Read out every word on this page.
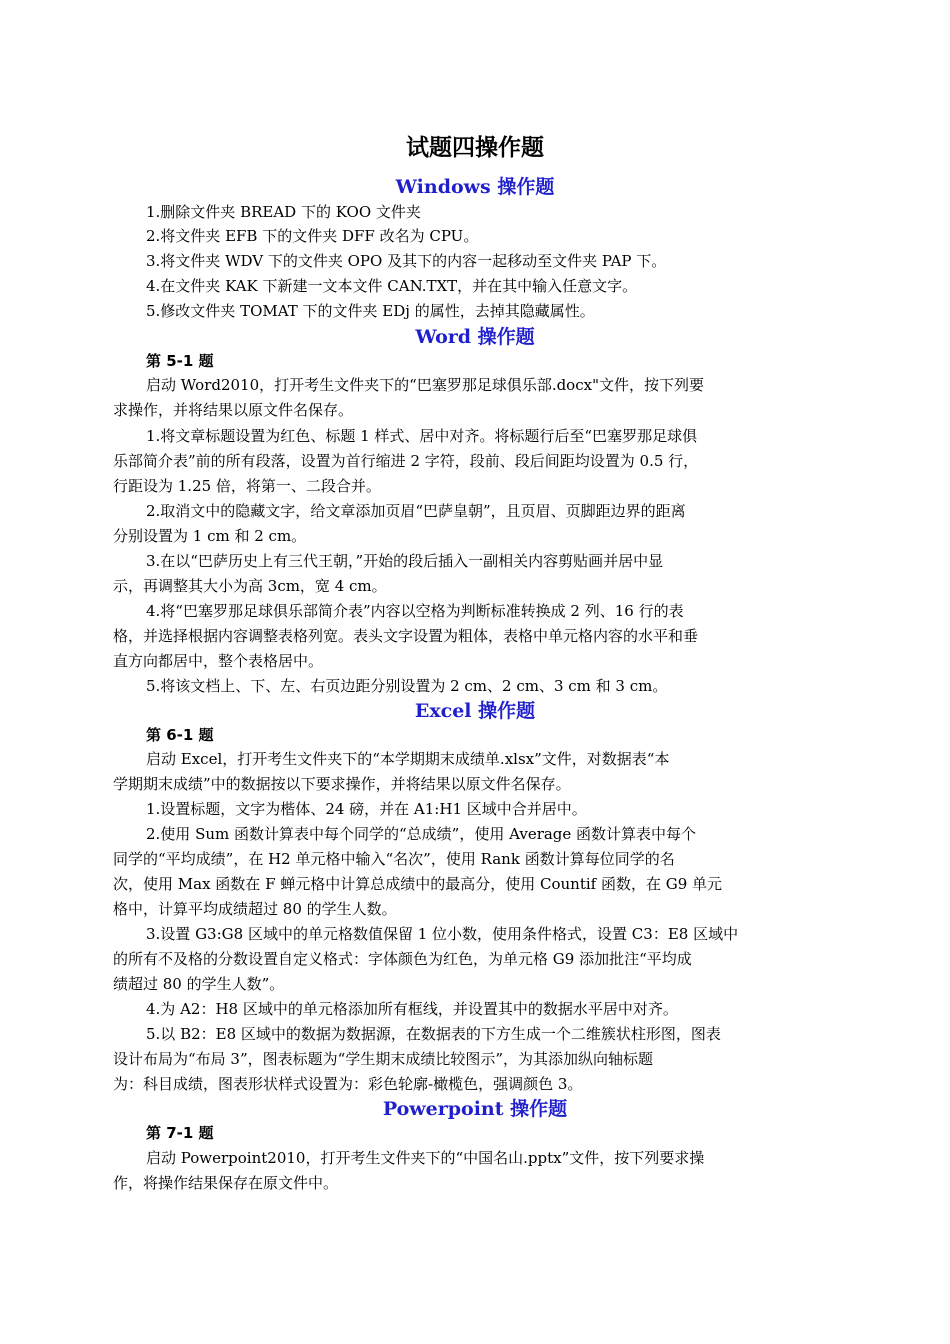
试题四操作题
Windows 操作题
1.删除文件夹 BREAD 下的 KOO 文件夹
2.将文件夹 EFB 下的文件夹 DFF 改名为 CPU。
3.将文件夹 WDV 下的文件夹 OPO 及其下的内容一起移动至文件夹 PAP 下。
4.在文件夹 KAK 下新建一文本文件 CAN.TXT，并在其中输入任意文字。
5.修改文件夹 TOMAT 下的文件夹 EDj 的属性，去掉其隐藏属性。
Word 操作题
第 5-1 题
启动 Word2010，打开考生文件夹下的“巴塞罗那足球俱乐部.docx"文件，按下列要
求操作，并将结果以原文件名保存。
1.将文章标题设置为红色、标题 1 样式、居中对齐。将标题行后至“巴塞罗那足球俱
乐部简介表”前的所有段落，设置为首行缩进 2 字符，段前、段后间距均设置为 0.5 行，
行距设为 1.25 倍，将第一、二段合并。
2.取消文中的隐藏文字，给文章添加页眉“巴萨皇朝”，且页眉、页脚距边界的距离
分别设置为 1 cm 和 2 cm。
3.在以“巴萨历史上有三代王朝，”开始的段后插入一副相关内容剪贴画并居中显
示，再调整其大小为高 3cm，宽 4 cm。
4.将“巴塞罗那足球俱乐部简介表”内容以空格为判断标准转换成 2 列、16 行的表
格，并选择根据内容调整表格列宽。表头文字设置为粗体，表格中单元格内容的水平和垂
直方向都居中，整个表格居中。
5.将该文档上、下、左、右页边距分别设置为 2 cm、2 cm、3 cm 和 3 cm。
Excel 操作题
第 6-1 题
启动 Excel，打开考生文件夹下的“本学期期末成绩单.xlsx”文件，对数据表“本
学期期末成绩”中的数据按以下要求操作，并将结果以原文件名保存。
1.设置标题，文字为楷体、24 磅，并在 A1:H1 区域中合并居中。
2.使用 Sum 函数计算表中每个同学的“总成绩”，使用 Average 函数计算表中每个
同学的“平均成绩”，在 H2 单元格中输入“名次”，使用 Rank 函数计算每位同学的名
次，使用 Max 函数在 F 蝉元格中计算总成绩中的最高分，使用 Countif 函数，在 G9 单元
格中，计算平均成绩超过 80 的学生人数。
3.设置 G3:G8 区域中的单元格数值保留 1 位小数，使用条件格式，设置 C3：E8 区域中
的所有不及格的分数设置自定义格式：字体颜色为红色，为单元格 G9 添加批注“平均成
绩超过 80 的学生人数”。
4.为 A2：H8 区域中的单元格添加所有框线，并设置其中的数据水平居中对齐。
5.以 B2：E8 区域中的数据为数据源，在数据表的下方生成一个二维簇状柱形图，图表
设计布局为“布局 3”，图表标题为“学生期末成绩比较图示”，为其添加纵向轴标题
为：科目成绩，图表形状样式设置为：彩色轮廓-橄榄色，强调颜色 3。
Powerpoint 操作题
第 7-1 题
启动 Powerpoint2010，打开考生文件夹下的“中国名山.pptx”文件，按下列要求操
作，将操作结果保存在原文件中。
